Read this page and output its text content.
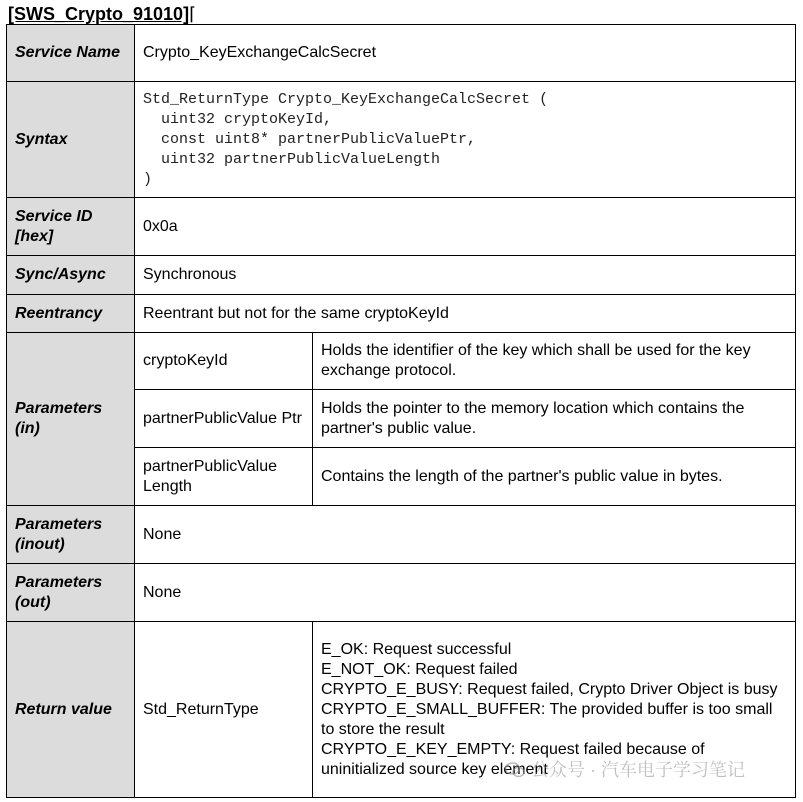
[SWS_Crypto_91010]⌈
Service Name	Crypto_KeyExchangeCalcSecret	
Syntax	Std_ReturnType Crypto_KeyExchangeCalcSecret (
uint32 cryptoKeyId,
const uint8* partnerPublicValuePtr,
uint32 partnerPublicValueLength
)	

Service ID [hex]	0x0a	
Sync/Async	Synchronous	
Reentrancy	Reentrant but not for the same cryptoKeyId	
Parameters (in)	cryptoKeyId	Holds the identifier of the key which shall be used for the key exchange protocol.
	partnerPublicValue Ptr	Holds the pointer to the memory location which contains the partner's public value.
	partnerPublicValue Length	Contains the length of the partner's public value in bytes.
Parameters (inout)	None	
Parameters (out)	None	
Return value	Std_ReturnType	E_OK: Request successful
E_NOT_OK: Request failed
CRYPTO_E_BUSY: Request failed, Crypto Driver Object is busy
CRYPTO_E_SMALL_BUFFER: The provided buffer is too small to store the result
CRYPTO_E_KEY_EMPTY: Request failed because of uninitialized source key element
公众号 · 汽车电子学习笔记
